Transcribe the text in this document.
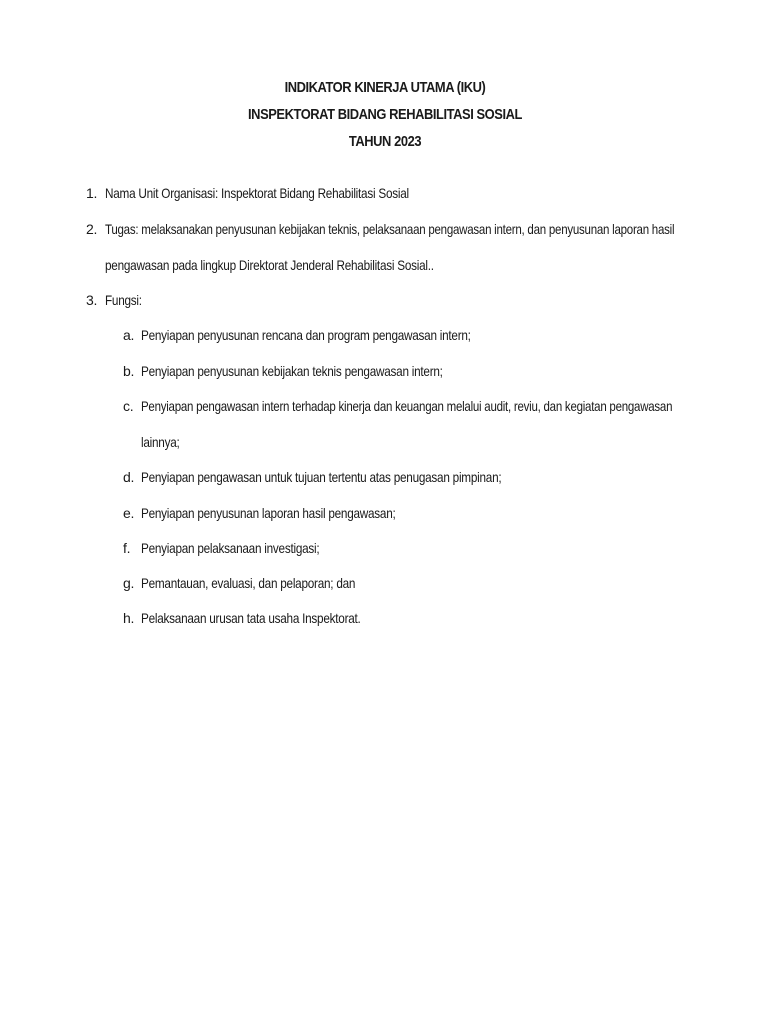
INDIKATOR KINERJA UTAMA (IKU)
INSPEKTORAT BIDANG REHABILITASI SOSIAL
TAHUN 2023
1. Nama Unit Organisasi: Inspektorat Bidang Rehabilitasi Sosial
2. Tugas: melaksanakan penyusunan kebijakan teknis, pelaksanaan pengawasan intern, dan penyusunan laporan hasil
pengawasan pada lingkup Direktorat Jenderal Rehabilitasi Sosial..
3. Fungsi:
a. Penyiapan penyusunan rencana dan program pengawasan intern;
b. Penyiapan penyusunan kebijakan teknis pengawasan intern;
c. Penyiapan pengawasan intern terhadap kinerja dan keuangan melalui audit, reviu, dan kegiatan pengawasan
lainnya;
d. Penyiapan pengawasan untuk tujuan tertentu atas penugasan pimpinan;
e. Penyiapan penyusunan laporan hasil pengawasan;
f. Penyiapan pelaksanaan investigasi;
g. Pemantauan, evaluasi, dan pelaporan; dan
h. Pelaksanaan urusan tata usaha Inspektorat.
